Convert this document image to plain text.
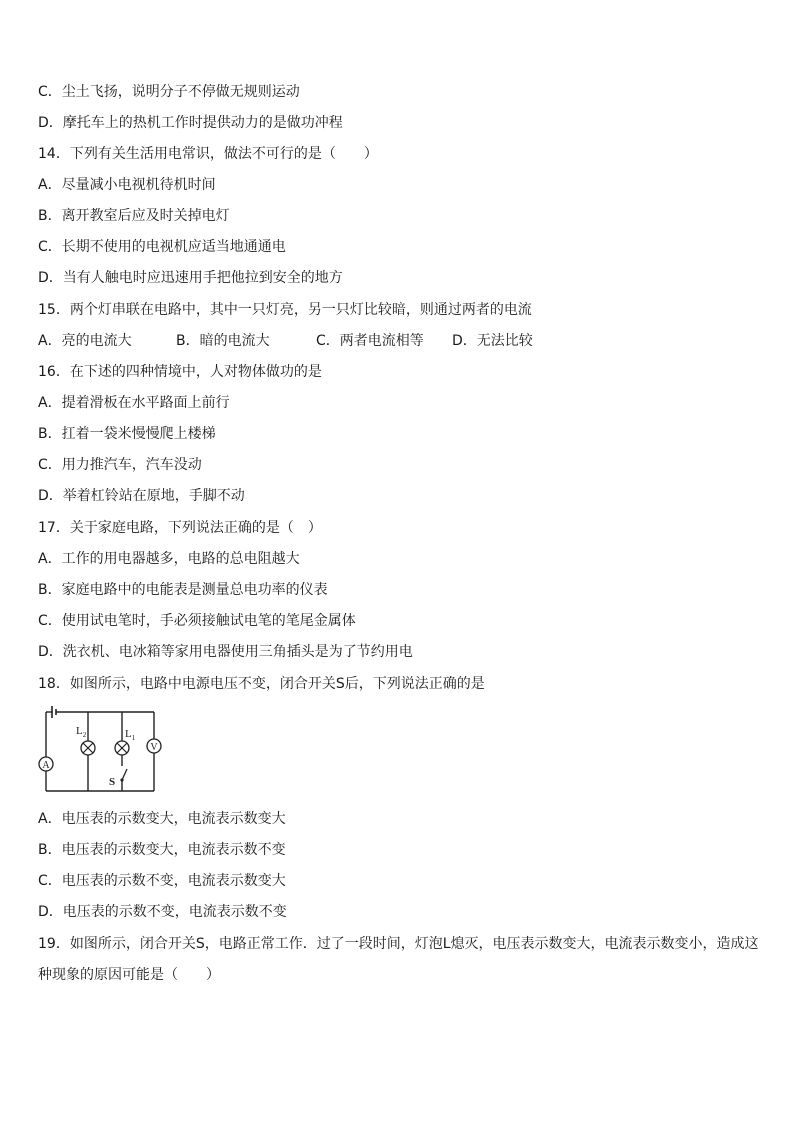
C．尘土飞扬，说明分子不停做无规则运动
D．摩托车上的热机工作时提供动力的是做功冲程
14．下列有关生活用电常识，做法不可行的是（　　）
A．尽量减小电视机待机时间
B．离开教室后应及时关掉电灯
C．长期不使用的电视机应适当地通通电
D．当有人触电时应迅速用手把他拉到安全的地方
15．两个灯串联在电路中，其中一只灯亮，另一只灯比较暗，则通过两者的电流
A．亮的电流大	B．暗的电流大	C．两者电流相等	D．无法比较
16．在下述的四种情境中，人对物体做功的是
A．提着滑板在水平路面上前行
B．扛着一袋米慢慢爬上楼梯
C．用力推汽车，汽车没动
D．举着杠铃站在原地，手脚不动
17．关于家庭电路，下列说法正确的是（　）
A．工作的用电器越多，电路的总电阻越大
B．家庭电路中的电能表是测量总电功率的仪表
C．使用试电笔时，手必须接触试电笔的笔尾金属体
D．洗衣机、电冰箱等家用电器使用三角插头是为了节约用电
18．如图所示，电路中电源电压不变，闭合开关S后，下列说法正确的是
A
$L_2$	$L_1$
V
S
A．电压表的示数变大，电流表示数变大
B．电压表的示数变大，电流表示数不变
C．电压表的示数不变，电流表示数变大
D．电压表的示数不变，电流表示数不变
19．如图所示，闭合开关S，电路正常工作．过了一段时间，灯泡L熄灭，电压表示数变大，电流表示数变小，造成这
种现象的原因可能是（　　）
